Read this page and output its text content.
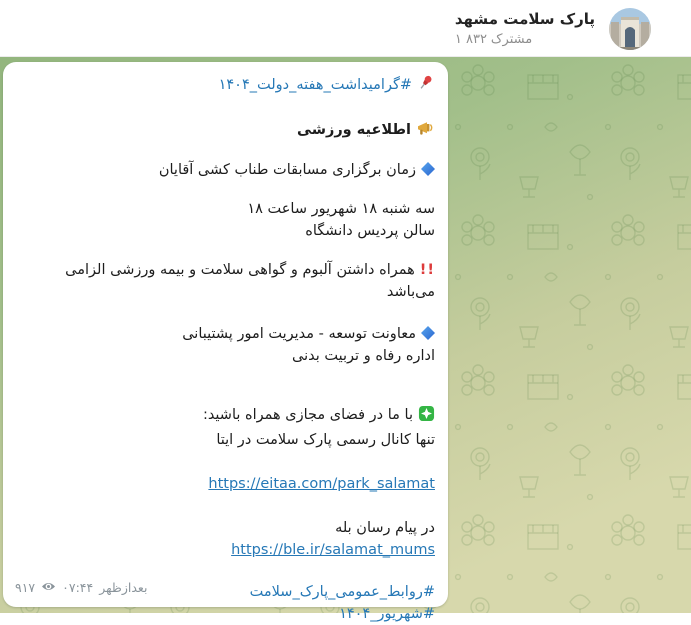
پارک سلامت مشهد
۱ ۸۳۲ مشترک
#گرامیداشت_هفته_دولت_۱۴۰۴
اطلاعیه ورزشی
زمان برگزاری مسابقات طناب کشی آقایان
سه شنبه ۱۸ شهریور ساعت ۱۸
سالن پردیس دانشگاه
!!همراه داشتن آلبوم و گواهی سلامت و بیمه ورزشی الزامی می‌باشد
معاونت توسعه - مدیریت امور پشتیبانی
اداره رفاه و تربیت بدنی
با ما در فضای مجازی همراه باشید:
تنها کانال رسمی پارک سلامت در ایتا
https://eitaa.com/park_salamat
در پیام رسان بله
https://ble.ir/salamat_mums
#روابط_عمومی_پارک_سلامت
#شهریور_۱۴۰۴
۹۱۷ ۰۷:۴۴ بعدازظهر
